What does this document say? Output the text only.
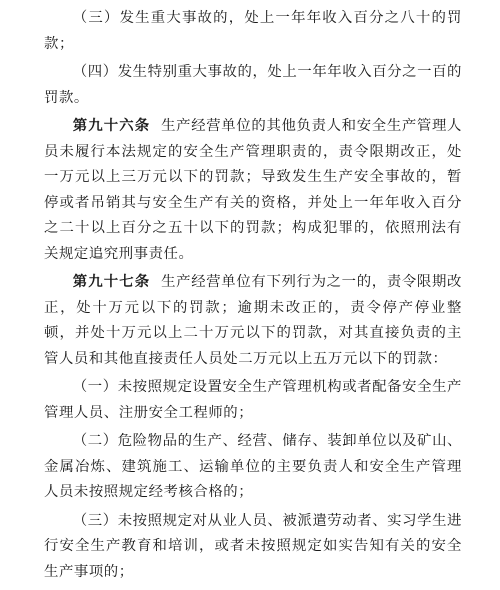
（三）发生重大事故的，处上一年年收入百分之八十的罚款；

（四）发生特别重大事故的，处上一年年收入百分之一百的罚款。

第九十六条 生产经营单位的其他负责人和安全生产管理人员未履行本法规定的安全生产管理职责的，责令限期改正，处一万元以上三万元以下的罚款；导致发生生产安全事故的，暂停或者吊销其与安全生产有关的资格，并处上一年年收入百分之二十以上百分之五十以下的罚款；构成犯罪的，依照刑法有关规定追究刑事责任。

第九十七条 生产经营单位有下列行为之一的，责令限期改正，处十万元以下的罚款；逾期未改正的，责令停产停业整顿，并处十万元以上二十万元以下的罚款，对其直接负责的主管人员和其他直接责任人员处二万元以上五万元以下的罚款：

（一）未按照规定设置安全生产管理机构或者配备安全生产管理人员、注册安全工程师的；

（二）危险物品的生产、经营、储存、装卸单位以及矿山、金属冶炼、建筑施工、运输单位的主要负责人和安全生产管理人员未按照规定经考核合格的；

（三）未按照规定对从业人员、被派遣劳动者、实习学生进行安全生产教育和培训，或者未按照规定如实告知有关的安全生产事项的；
